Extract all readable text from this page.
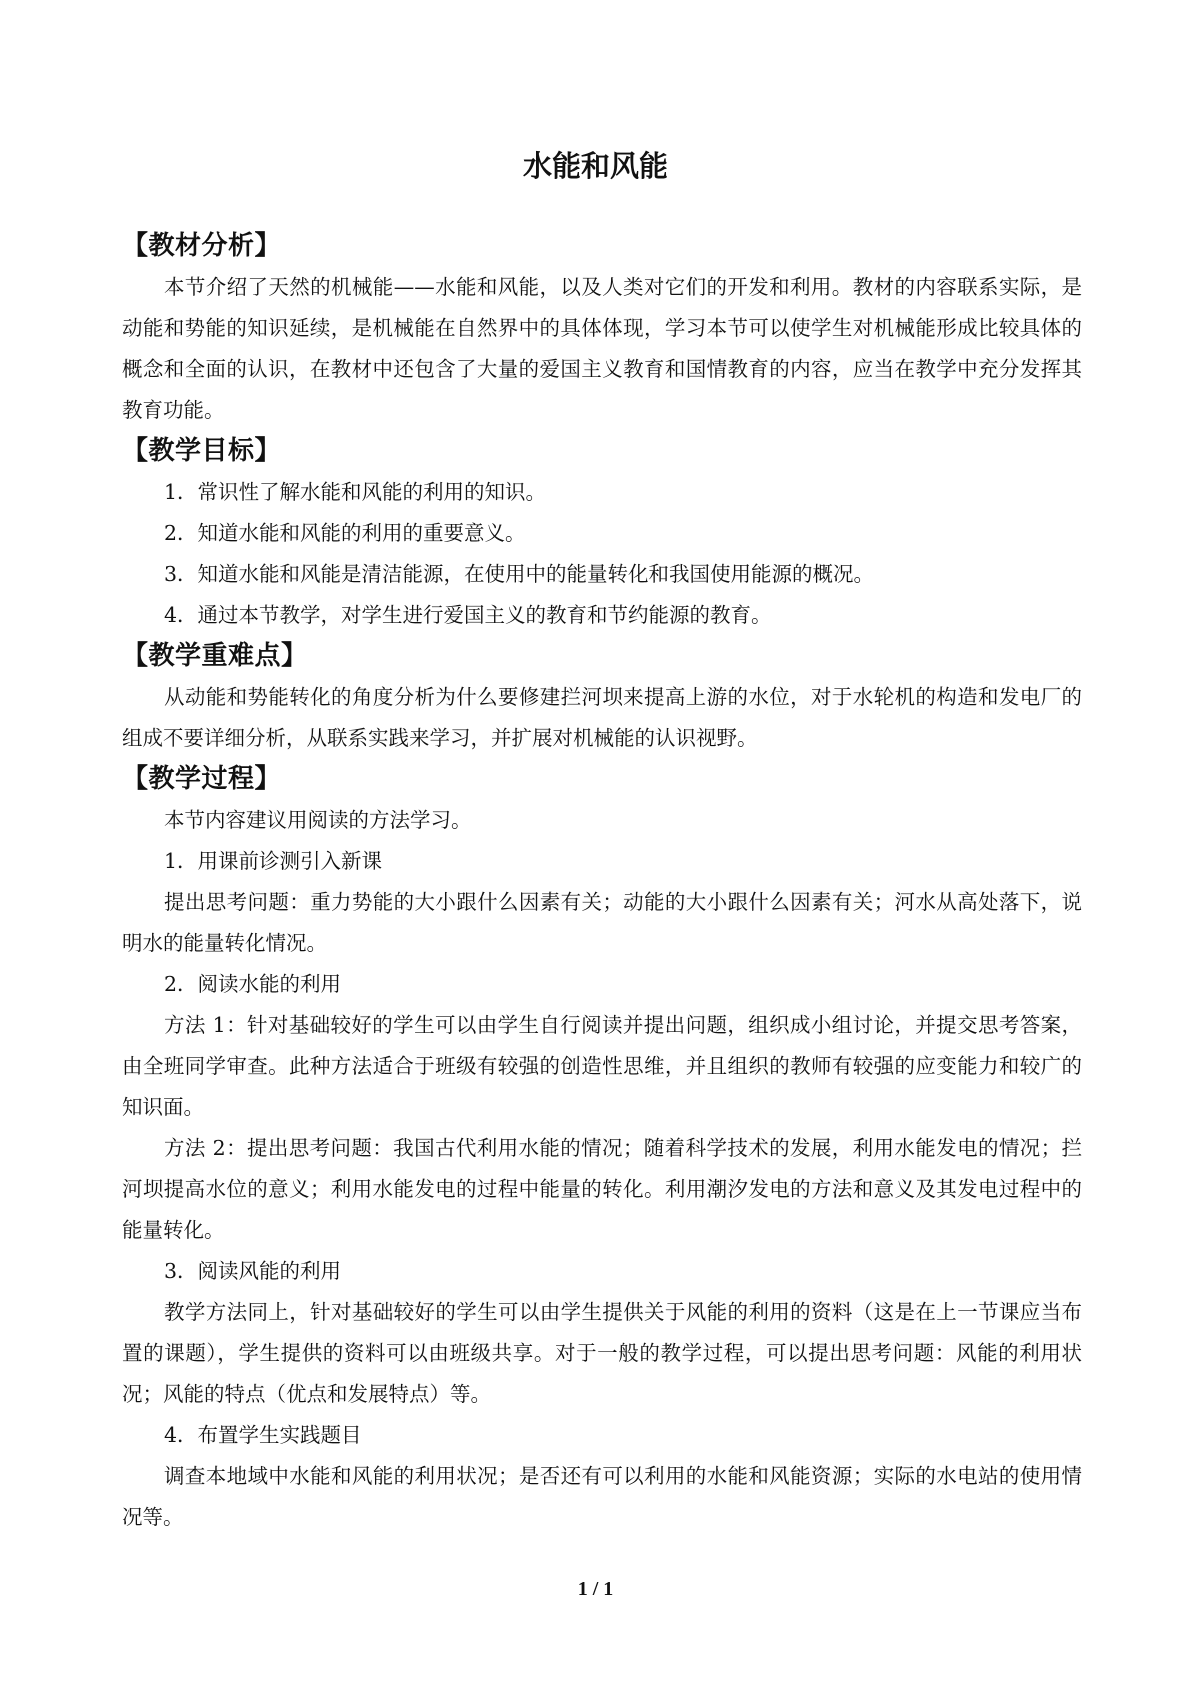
水能和风能
【教材分析】

本节介绍了天然的机械能——水能和风能，以及人类对它们的开发和利用。教材的内容联系实际，是动能和势能的知识延续，是机械能在自然界中的具体体现，学习本节可以使学生对机械能形成比较具体的概念和全面的认识，在教材中还包含了大量的爱国主义教育和国情教育的内容，应当在教学中充分发挥其教育功能。

【教学目标】

1．常识性了解水能和风能的利用的知识。

2．知道水能和风能的利用的重要意义。

3．知道水能和风能是清洁能源，在使用中的能量转化和我国使用能源的概况。

4．通过本节教学，对学生进行爱国主义的教育和节约能源的教育。

【教学重难点】

从动能和势能转化的角度分析为什么要修建拦河坝来提高上游的水位，对于水轮机的构造和发电厂的组成不要详细分析，从联系实践来学习，并扩展对机械能的认识视野。

【教学过程】

本节内容建议用阅读的方法学习。

1．用课前诊测引入新课

提出思考问题：重力势能的大小跟什么因素有关；动能的大小跟什么因素有关；河水从高处落下，说明水的能量转化情况。

2．阅读水能的利用

方法 1：针对基础较好的学生可以由学生自行阅读并提出问题，组织成小组讨论，并提交思考答案，由全班同学审查。此种方法适合于班级有较强的创造性思维，并且组织的教师有较强的应变能力和较广的知识面。

方法 2：提出思考问题：我国古代利用水能的情况；随着科学技术的发展，利用水能发电的情况；拦河坝提高水位的意义；利用水能发电的过程中能量的转化。利用潮汐发电的方法和意义及其发电过程中的能量转化。

3．阅读风能的利用

教学方法同上，针对基础较好的学生可以由学生提供关于风能的利用的资料（这是在上一节课应当布置的课题），学生提供的资料可以由班级共享。对于一般的教学过程，可以提出思考问题：风能的利用状况；风能的特点（优点和发展特点）等。

4．布置学生实践题目

调查本地域中水能和风能的利用状况；是否还有可以利用的水能和风能资源；实际的水电站的使用情况等。

1 / 1
